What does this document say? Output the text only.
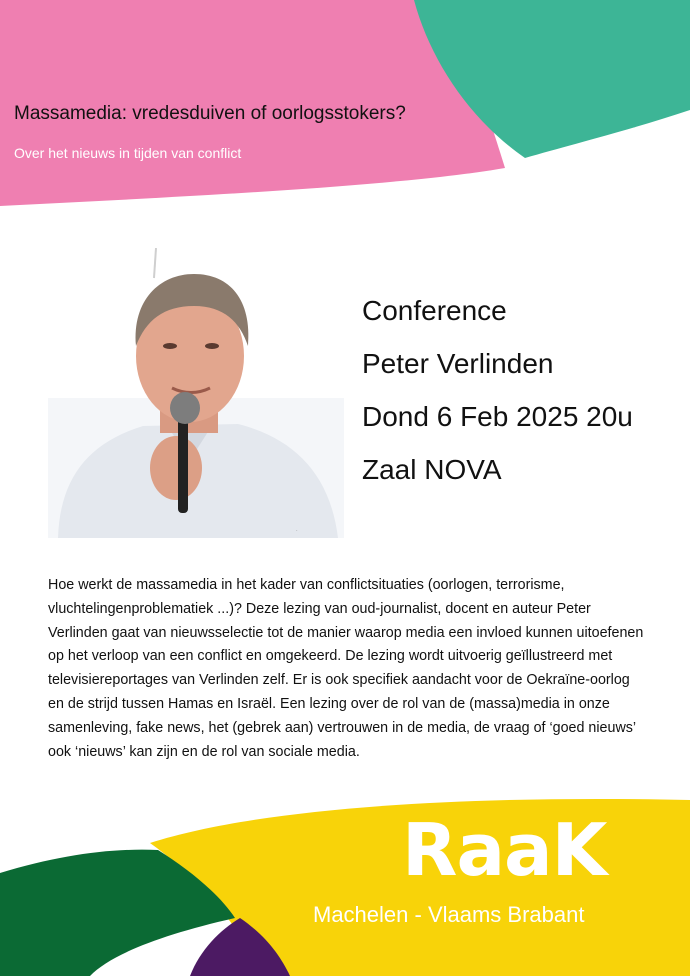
Massamedia: vredesduiven of oorlogsstokers?
Over het nieuws in tijden van conflict
·
Conference
Peter Verlinden
Dond 6 Feb 2025 20u
Zaal NOVA
Hoe werkt de massamedia in het kader van conflictsituaties (oorlogen, terrorisme, vluchtelingenproblematiek ...)? Deze lezing van oud-journalist, docent en auteur Peter Verlinden gaat van nieuwsselectie tot de manier waarop media een invloed kunnen uitoefenen op het verloop van een conflict en omgekeerd. De lezing wordt uitvoerig geïllustreerd met televisiereportages van Verlinden zelf. Er is ook specifiek aandacht voor de Oekraïne-oorlog en de strijd tussen Hamas en Israël. Een lezing over de rol van de (massa)media in onze samenleving, fake news, het (gebrek aan) vertrouwen in de media, de vraag of ‘goed nieuws’ ook ‘nieuws’ kan zijn en de rol van sociale media.
RaaK
Machelen - Vlaams Brabant
